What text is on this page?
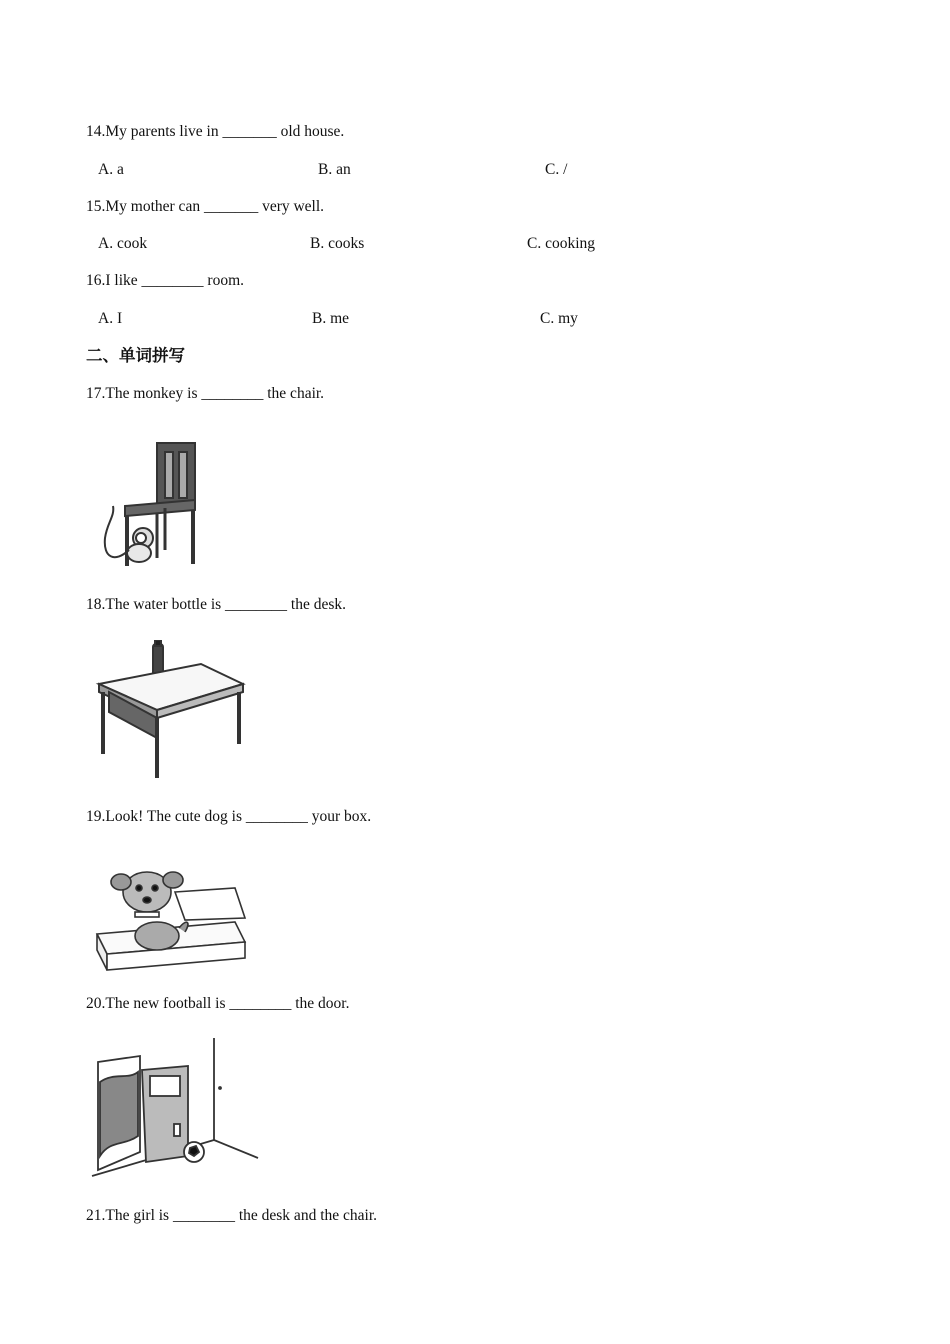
14.My parents live in _______ old house.
A. a	B. an	C. /
15.My mother can _______ very well.
A. cook	B. cooks	C. cooking
16.I like ________ room.
A. I	B. me	C. my
二、单词拼写
17.The monkey is ________ the chair.
18.The water bottle is ________ the desk.
19.Look! The cute dog is ________ your box.
20.The new football is ________ the door.
21.The girl is ________ the desk and the chair.
